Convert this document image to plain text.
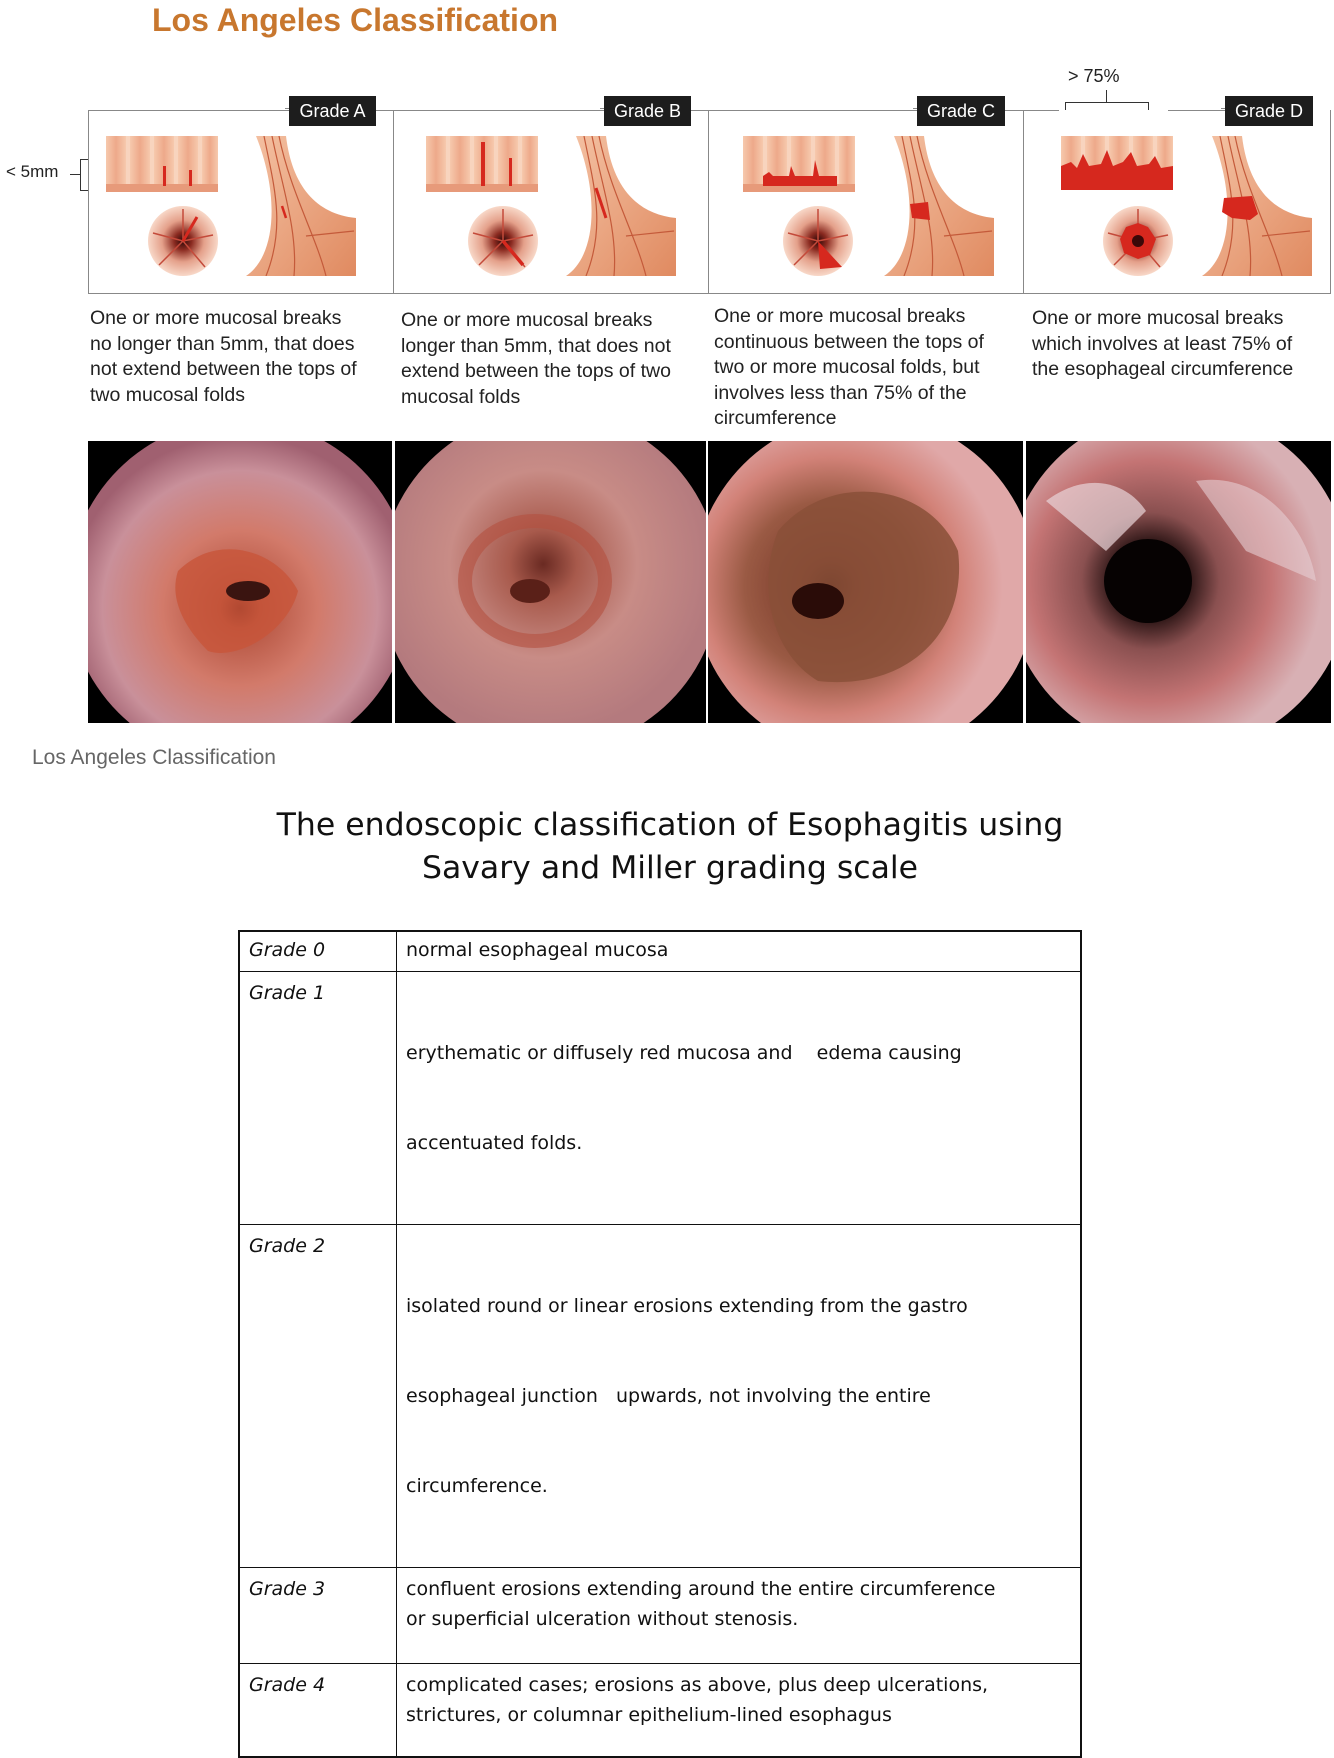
Los Angeles Classification
> 75%
< 5mm
Grade A	Grade B	Grade C	Grade D
One or more mucosal breaks
no longer than 5mm, that does
not extend between the tops of
two mucosal folds
One or more mucosal breaks
longer than 5mm, that does not
extend between the tops of two
mucosal folds
One or more mucosal breaks
continuous between the tops of
two or more mucosal folds, but
involves less than 75% of the
circumference
One or more mucosal breaks
which involves at least 75% of
the esophageal circumference
Los Angeles Classification
The endoscopic classification of Esophagitis using
Savary and Miller grading scale
Grade 0	normal esophageal mucosa

Grade 1	erythematic or diffusely red mucosa and    edema causing

accentuated folds.

Grade 2	isolated round or linear erosions extending from the gastro

esophageal junction   upwards, not involving the entire

circumference.

Grade 3	confluent erosions extending around the entire circumference
or superficial ulceration without stenosis.

Grade 4	complicated cases; erosions as above, plus deep ulcerations,
strictures, or columnar epithelium-lined esophagus
